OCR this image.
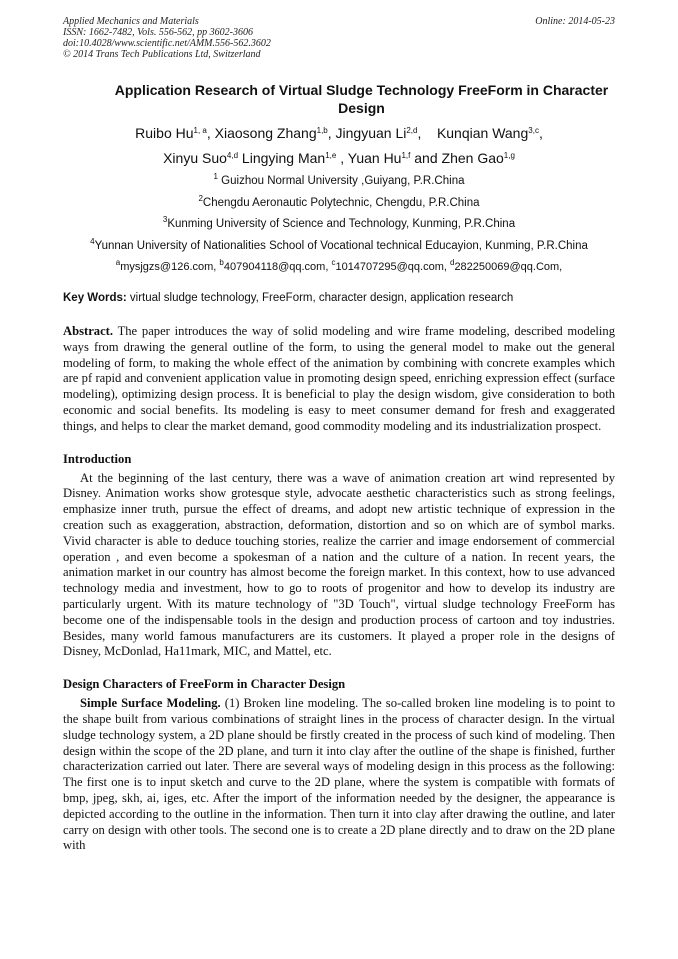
Applied Mechanics and Materials
ISSN: 1662-7482, Vols. 556-562, pp 3602-3606
doi:10.4028/www.scientific.net/AMM.556-562.3602
© 2014 Trans Tech Publications Ltd, Switzerland
Online: 2014-05-23
Application Research of Virtual Sludge Technology FreeForm in Character Design
Ruibo Hu$^{1, a}$, Xiaosong Zhang$^{1,b}$, Jingyuan Li$^{2,d}$,    Kunqian Wang$^{3,c}$,
Xinyu Suo$^{4,d}$ Lingying Man$^{1,e}$ , Yuan Hu$^{1,f}$ and Zhen Gao$^{1,g}$
$^1$ Guizhou Normal University ,Guiyang, P.R.China
$^2$Chengdu Aeronautic Polytechnic, Chengdu, P.R.China
$^3$Kunming University of Science and Technology, Kunming, P.R.China
$^4$Yunnan University of Nationalities School of Vocational technical Educayion, Kunming, P.R.China
$^a$mysjgzs@126.com, $^b$407904118@qq.com, $^c$1014707295@qq.com, $^d$282250069@qq.Com,
Key Words: virtual sludge technology, FreeForm, character design, application research
Abstract. The paper introduces the way of solid modeling and wire frame modeling, described modeling ways from drawing the general outline of the form, to using the general model to make out the general modeling of form, to making the whole effect of the animation by combining with concrete examples which are pf rapid and convenient application value in promoting design speed, enriching expression effect (surface modeling), optimizing design process. It is beneficial to play the design wisdom, give consideration to both economic and social benefits. Its modeling is easy to meet consumer demand for fresh and exaggerated things, and helps to clear the market demand, good commodity modeling and its industrialization prospect.
Introduction

At the beginning of the last century, there was a wave of animation creation art wind represented by Disney. Animation works show grotesque style, advocate aesthetic characteristics such as strong feelings, emphasize inner truth, pursue the effect of dreams, and adopt new artistic technique of expression in the creation such as exaggeration, abstraction, deformation, distortion and so on which are of symbol marks. Vivid character is able to deduce touching stories, realize the carrier and image endorsement of commercial operation , and even become a spokesman of a nation and the culture of a nation. In recent years, the animation market in our country has almost become the foreign market. In this context, how to use advanced technology media and investment, how to go to roots of progenitor and how to develop its industry are particularly urgent. With its mature technology of "3D Touch", virtual sludge technology FreeForm has become one of the indispensable tools in the design and production process of cartoon and toy industries. Besides, many world famous manufacturers are its customers. It played a proper role in the designs of Disney, McDonlad, Ha11mark, MIC, and Mattel, etc.

Design Characters of FreeForm in Character Design

Simple Surface Modeling. (1) Broken line modeling. The so-called broken line modeling is to point to the shape built from various combinations of straight lines in the process of character design. In the virtual sludge technology system, a 2D plane should be firstly created in the process of such kind of modeling. Then design within the scope of the 2D plane, and turn it into clay after the outline of the shape is finished, further characterization carried out later. There are several ways of modeling design in this process as the following: The first one is to input sketch and curve to the 2D plane, where the system is compatible with formats of bmp, jpeg, skh, ai, iges, etc. After the import of the information needed by the designer, the appearance is depicted according to the outline in the information. Then turn it into clay after drawing the outline, and later carry on design with other tools. The second one is to create a 2D plane directly and to draw on the 2D plane with
